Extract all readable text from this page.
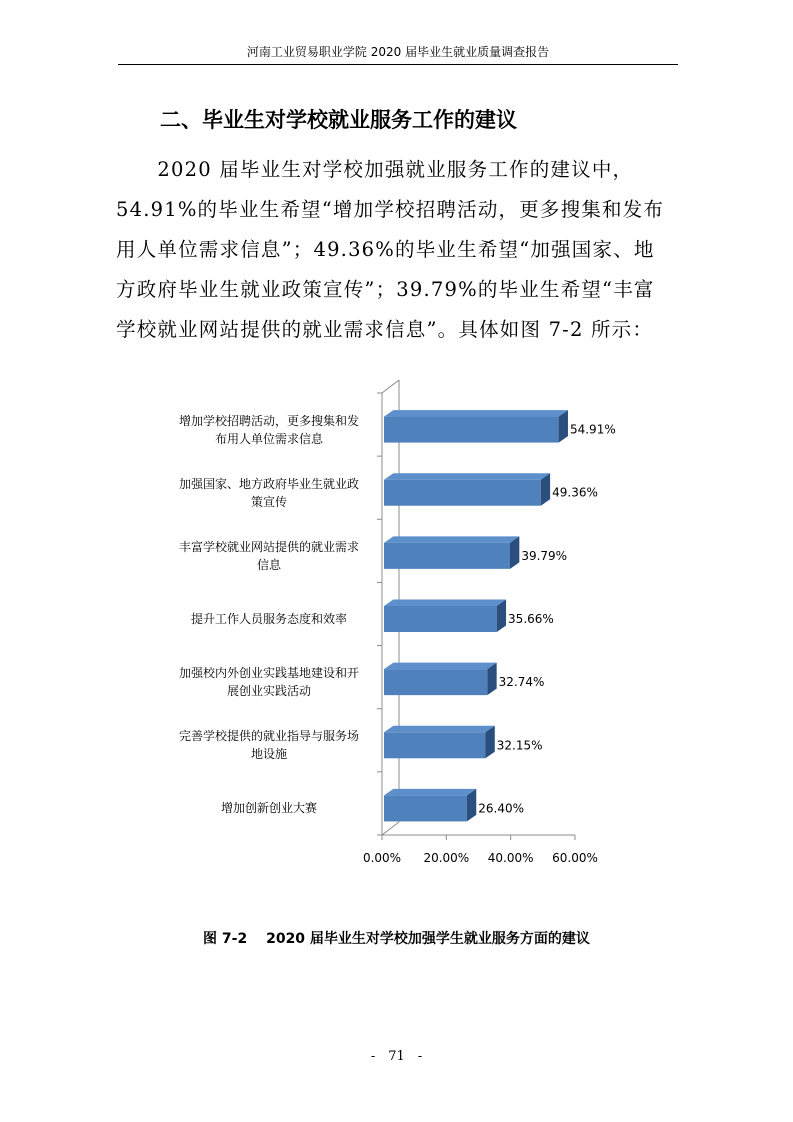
河南工业贸易职业学院 2020 届毕业生就业质量调查报告
二、毕业生对学校就业服务工作的建议
　　2020 届毕业生对学校加强就业服务工作的建议中，
54.91%的毕业生希望“增加学校招聘活动，更多搜集和发布
用人单位需求信息”；49.36%的毕业生希望“加强国家、地
方政府毕业生就业政策宣传”；39.79%的毕业生希望“丰富
学校就业网站提供的就业需求信息”。具体如图 7-2 所示：
0.00% 20.00% 40.00% 60.00%
54.91%
49.36%
39.79%
35.66%
32.74%
32.15%
26.40%
增加学校招聘活动，更多搜集和发
布用人单位需求信息
加强国家、地方政府毕业生就业政
策宣传
丰富学校就业网站提供的就业需求
信息
提升工作人员服务态度和效率
加强校内外创业实践基地建设和开
展创业实践活动
完善学校提供的就业指导与服务场
地设施
增加创新创业大赛
图 7-2　 2020 届毕业生对学校加强学生就业服务方面的建议
-　71　-
